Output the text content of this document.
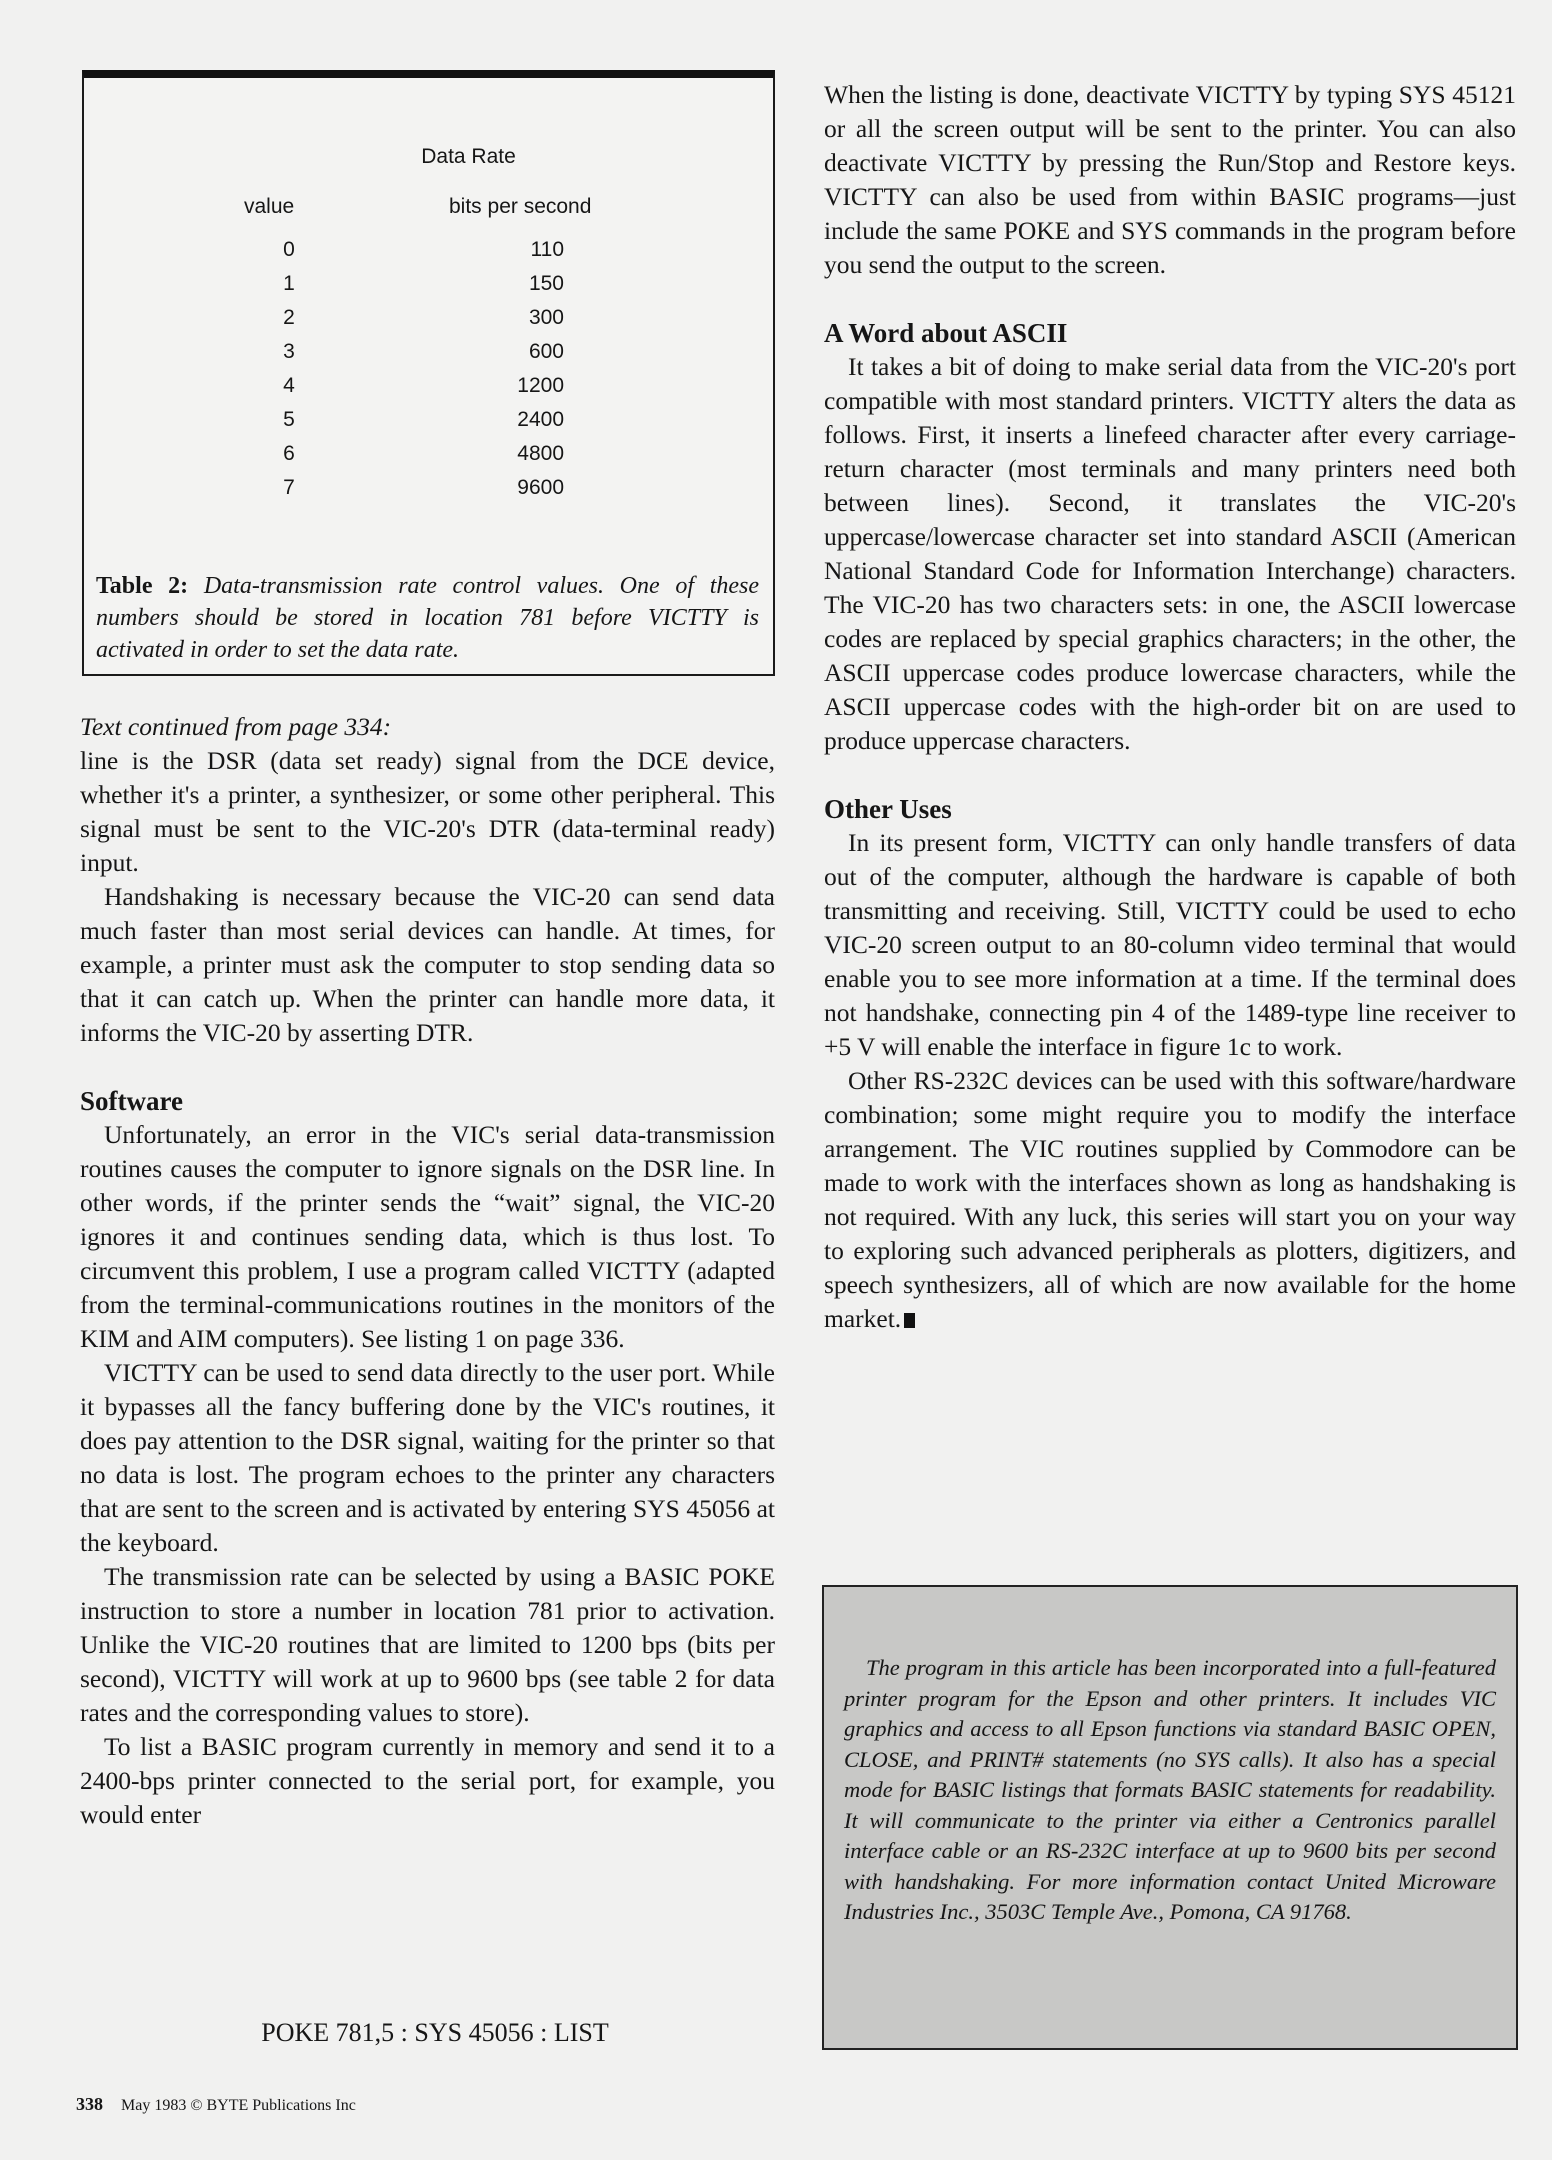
Data Rate
value	bits per second
0	110
1	150
2	300
3	600
4	1200
5	2400
6	4800
7	9600
Table 2: Data-transmission rate control values. One of these numbers should be stored in location 781 before VICTTY is activated in order to set the data rate.

Text continued from page 334:

line is the DSR (data set ready) signal from the DCE device, whether it's a printer, a synthesizer, or some other peripheral. This signal must be sent to the VIC-20's DTR (data-terminal ready) input.

Handshaking is necessary because the VIC-20 can send data much faster than most serial devices can handle. At times, for example, a printer must ask the computer to stop sending data so that it can catch up. When the printer can handle more data, it informs the VIC-20 by asserting DTR.

Software

Unfortunately, an error in the VIC's serial data-transmission routines causes the computer to ignore signals on the DSR line. In other words, if the printer sends the “wait” signal, the VIC-20 ignores it and continues sending data, which is thus lost. To circumvent this problem, I use a program called VICTTY (adapted from the terminal-communications routines in the monitors of the KIM and AIM computers). See listing 1 on page 336.

VICTTY can be used to send data directly to the user port. While it bypasses all the fancy buffering done by the VIC's routines, it does pay attention to the DSR signal, waiting for the printer so that no data is lost. The program echoes to the printer any characters that are sent to the screen and is activated by entering SYS 45056 at the keyboard.

The transmission rate can be selected by using a BASIC POKE instruction to store a number in location 781 prior to activation. Unlike the VIC-20 routines that are limited to 1200 bps (bits per second), VICTTY will work at up to 9600 bps (see table 2 for data rates and the corresponding values to store).

To list a BASIC program currently in memory and send it to a 2400-bps printer connected to the serial port, for example, you would enter

POKE 781,5 : SYS 45056 : LIST

When the listing is done, deactivate VICTTY by typing SYS 45121 or all the screen output will be sent to the printer. You can also deactivate VICTTY by pressing the Run/Stop and Restore keys. VICTTY can also be used from within BASIC programs—just include the same POKE and SYS commands in the program before you send the output to the screen.

A Word about ASCII

It takes a bit of doing to make serial data from the VIC-20's port compatible with most standard printers. VICTTY alters the data as follows. First, it inserts a linefeed character after every carriage-return character (most terminals and many printers need both between lines). Second, it translates the VIC-20's uppercase/lowercase character set into standard ASCII (American National Standard Code for Information Interchange) characters. The VIC-20 has two characters sets: in one, the ASCII lowercase codes are replaced by special graphics characters; in the other, the ASCII uppercase codes produce lowercase characters, while the ASCII uppercase codes with the high-order bit on are used to produce uppercase characters.

Other Uses

In its present form, VICTTY can only handle transfers of data out of the computer, although the hardware is capable of both transmitting and receiving. Still, VICTTY could be used to echo VIC-20 screen output to an 80-column video terminal that would enable you to see more information at a time. If the terminal does not handshake, connecting pin 4 of the 1489-type line receiver to +5 V will enable the interface in figure 1c to work.

Other RS-232C devices can be used with this software/hardware combination; some might require you to modify the interface arrangement. The VIC routines supplied by Commodore can be made to work with the interfaces shown as long as handshaking is not required. With any luck, this series will start you on your way to exploring such advanced peripherals as plotters, digitizers, and speech synthesizers, all of which are now available for the home market.

The program in this article has been incorporated into a full-featured printer program for the Epson and other printers. It includes VIC graphics and access to all Epson functions via standard BASIC OPEN, CLOSE, and PRINT# statements (no SYS calls). It also has a special mode for BASIC listings that formats BASIC statements for readability. It will communicate to the printer via either a Centronics parallel interface cable or an RS-232C interface at up to 9600 bits per second with handshaking. For more information contact United Microware Industries Inc., 3503C Temple Ave., Pomona, CA 91768.
338 May 1983 © BYTE Publications Inc
